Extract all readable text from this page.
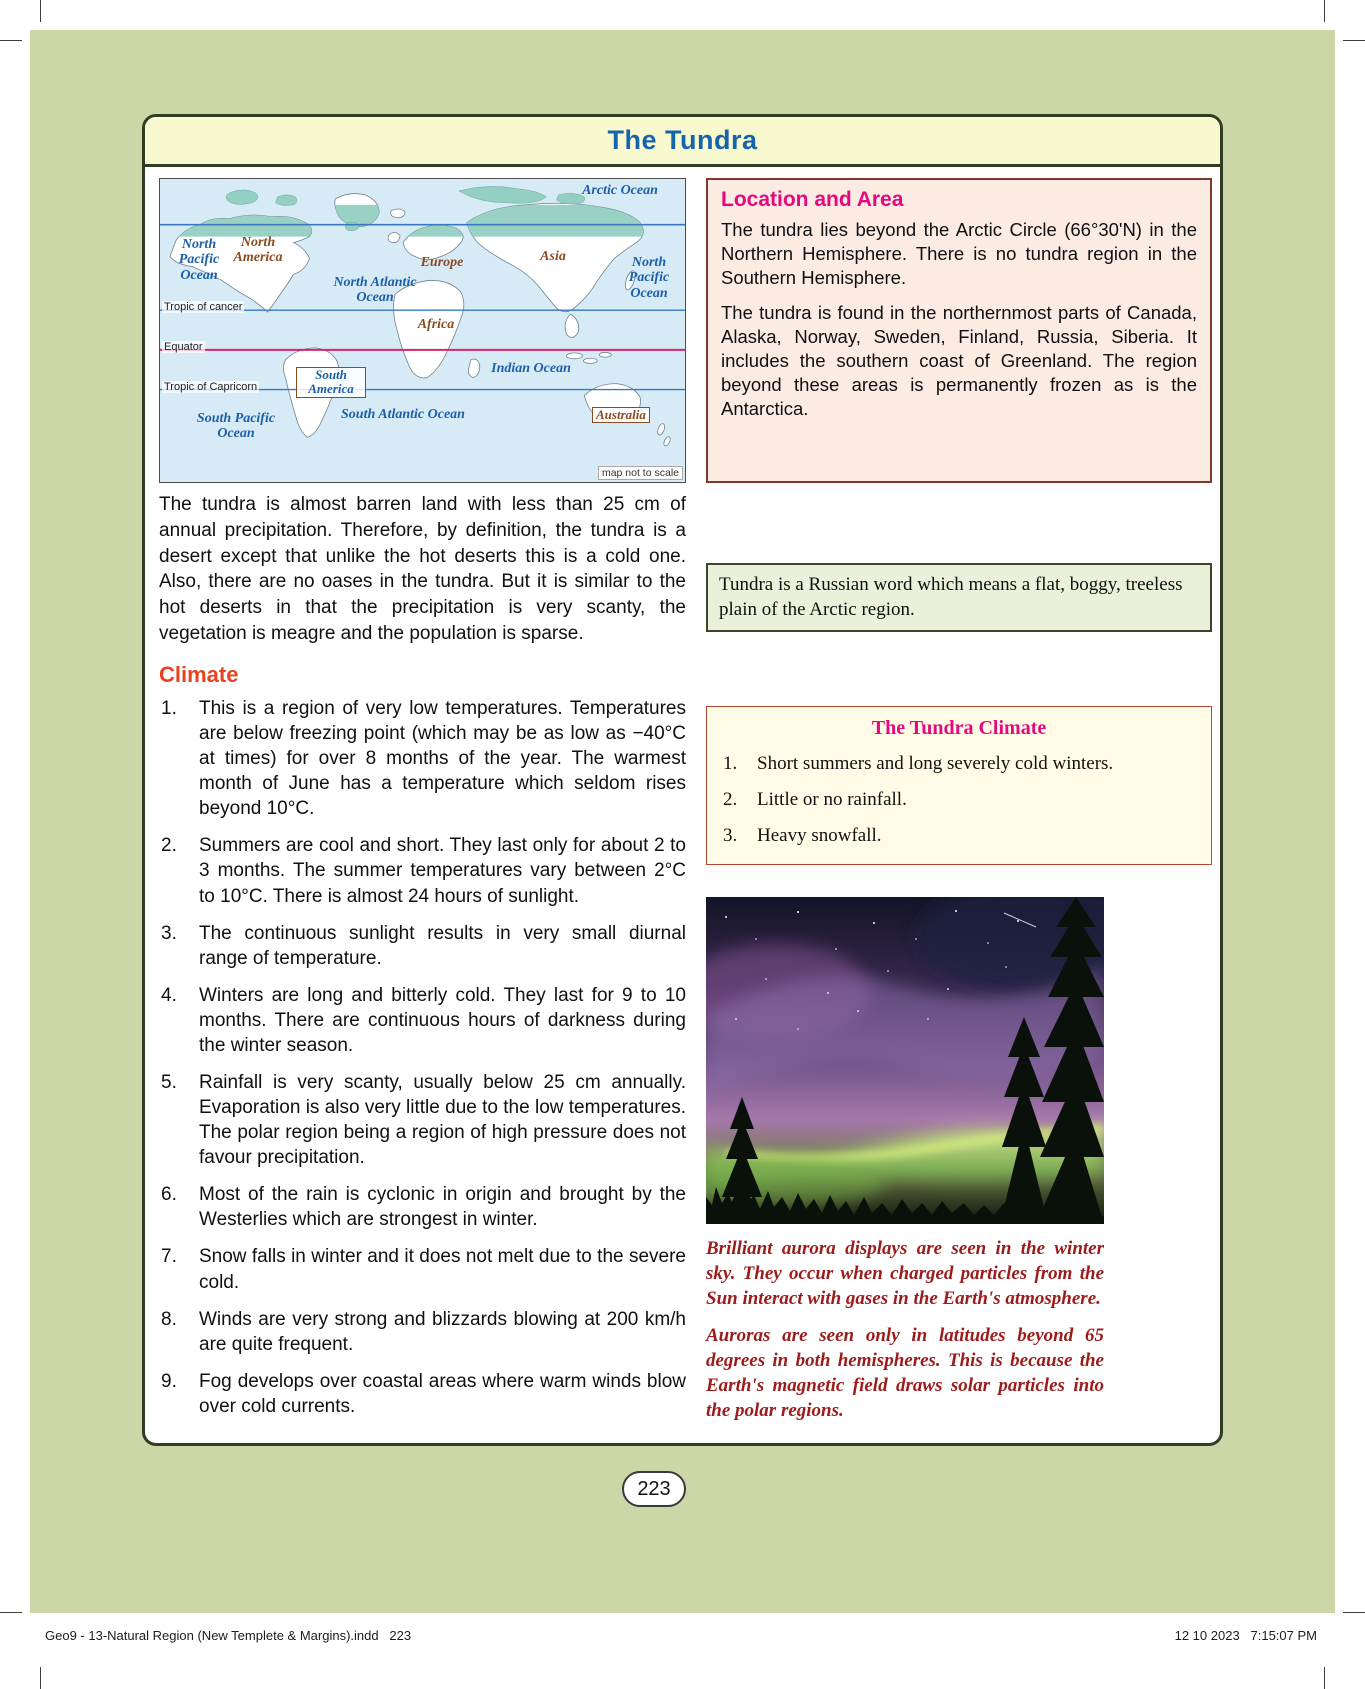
The Tundra
Arctic Ocean
North Pacific Ocean
North America	Europe	Asia
North Atlantic Ocean
North Pacific Ocean
Tropic of cancer
Africa
Equator
Indian Ocean
South America
Tropic of Capricorn
South Pacific Ocean
South Atlantic Ocean	Australia
map not to scale

The tundra is almost barren land with less than 25 cm of annual precipitation. Therefore, by definition, the tundra is a desert except that unlike the hot deserts this is a cold one. Also, there are no oases in the tundra. But it is similar to the hot deserts in that the precipitation is very scanty, the vegetation is meagre and the population is sparse.

Climate
This is a region of very low temperatures. Temperatures are below freezing point (which may be as low as −40°C at times) for over 8 months of the year. The warmest month of June has a temperature which seldom rises beyond 10°C.
Summers are cool and short. They last only for about 2 to 3 months. The summer temperatures vary between 2°C to 10°C. There is almost 24 hours of sunlight.
The continuous sunlight results in very small diurnal range of temperature.
Winters are long and bitterly cold. They last for 9 to 10 months. There are continuous hours of darkness during the winter season.
Rainfall is very scanty, usually below 25 cm annually. Evaporation is also very little due to the low temperatures. The polar region being a region of high pressure does not favour precipitation.
Most of the rain is cyclonic in origin and brought by the Westerlies which are strongest in winter.
Snow falls in winter and it does not melt due to the severe cold.
Winds are very strong and blizzards blowing at 200 km/h are quite frequent.
Fog develops over coastal areas where warm winds blow over cold currents.
Location and Area

The tundra lies beyond the Arctic Circle (66°30'N) in the Northern Hemisphere. There is no tundra region in the Southern Hemisphere.

The tundra is found in the northernmost parts of Canada, Alaska, Norway, Sweden, Finland, Russia, Siberia. It includes the southern coast of Greenland. The region beyond these areas is permanently frozen as is the Antarctica.

Tundra is a Russian word which means a flat, boggy, treeless plain of the Arctic region.

The Tundra Climate
Short summers and long severely cold winters.
Little or no rainfall.
Heavy snowfall.

Brilliant aurora displays are seen in the winter sky. They occur when charged particles from the Sun interact with gases in the Earth's atmosphere.

Auroras are seen only in latitudes beyond 65 degrees in both hemispheres. This is because the Earth's magnetic field draws solar particles into the polar regions.

223
Geo9 - 13-Natural Region (New Templete & Margins).indd   223	12 10 2023   7:15:07 PM
